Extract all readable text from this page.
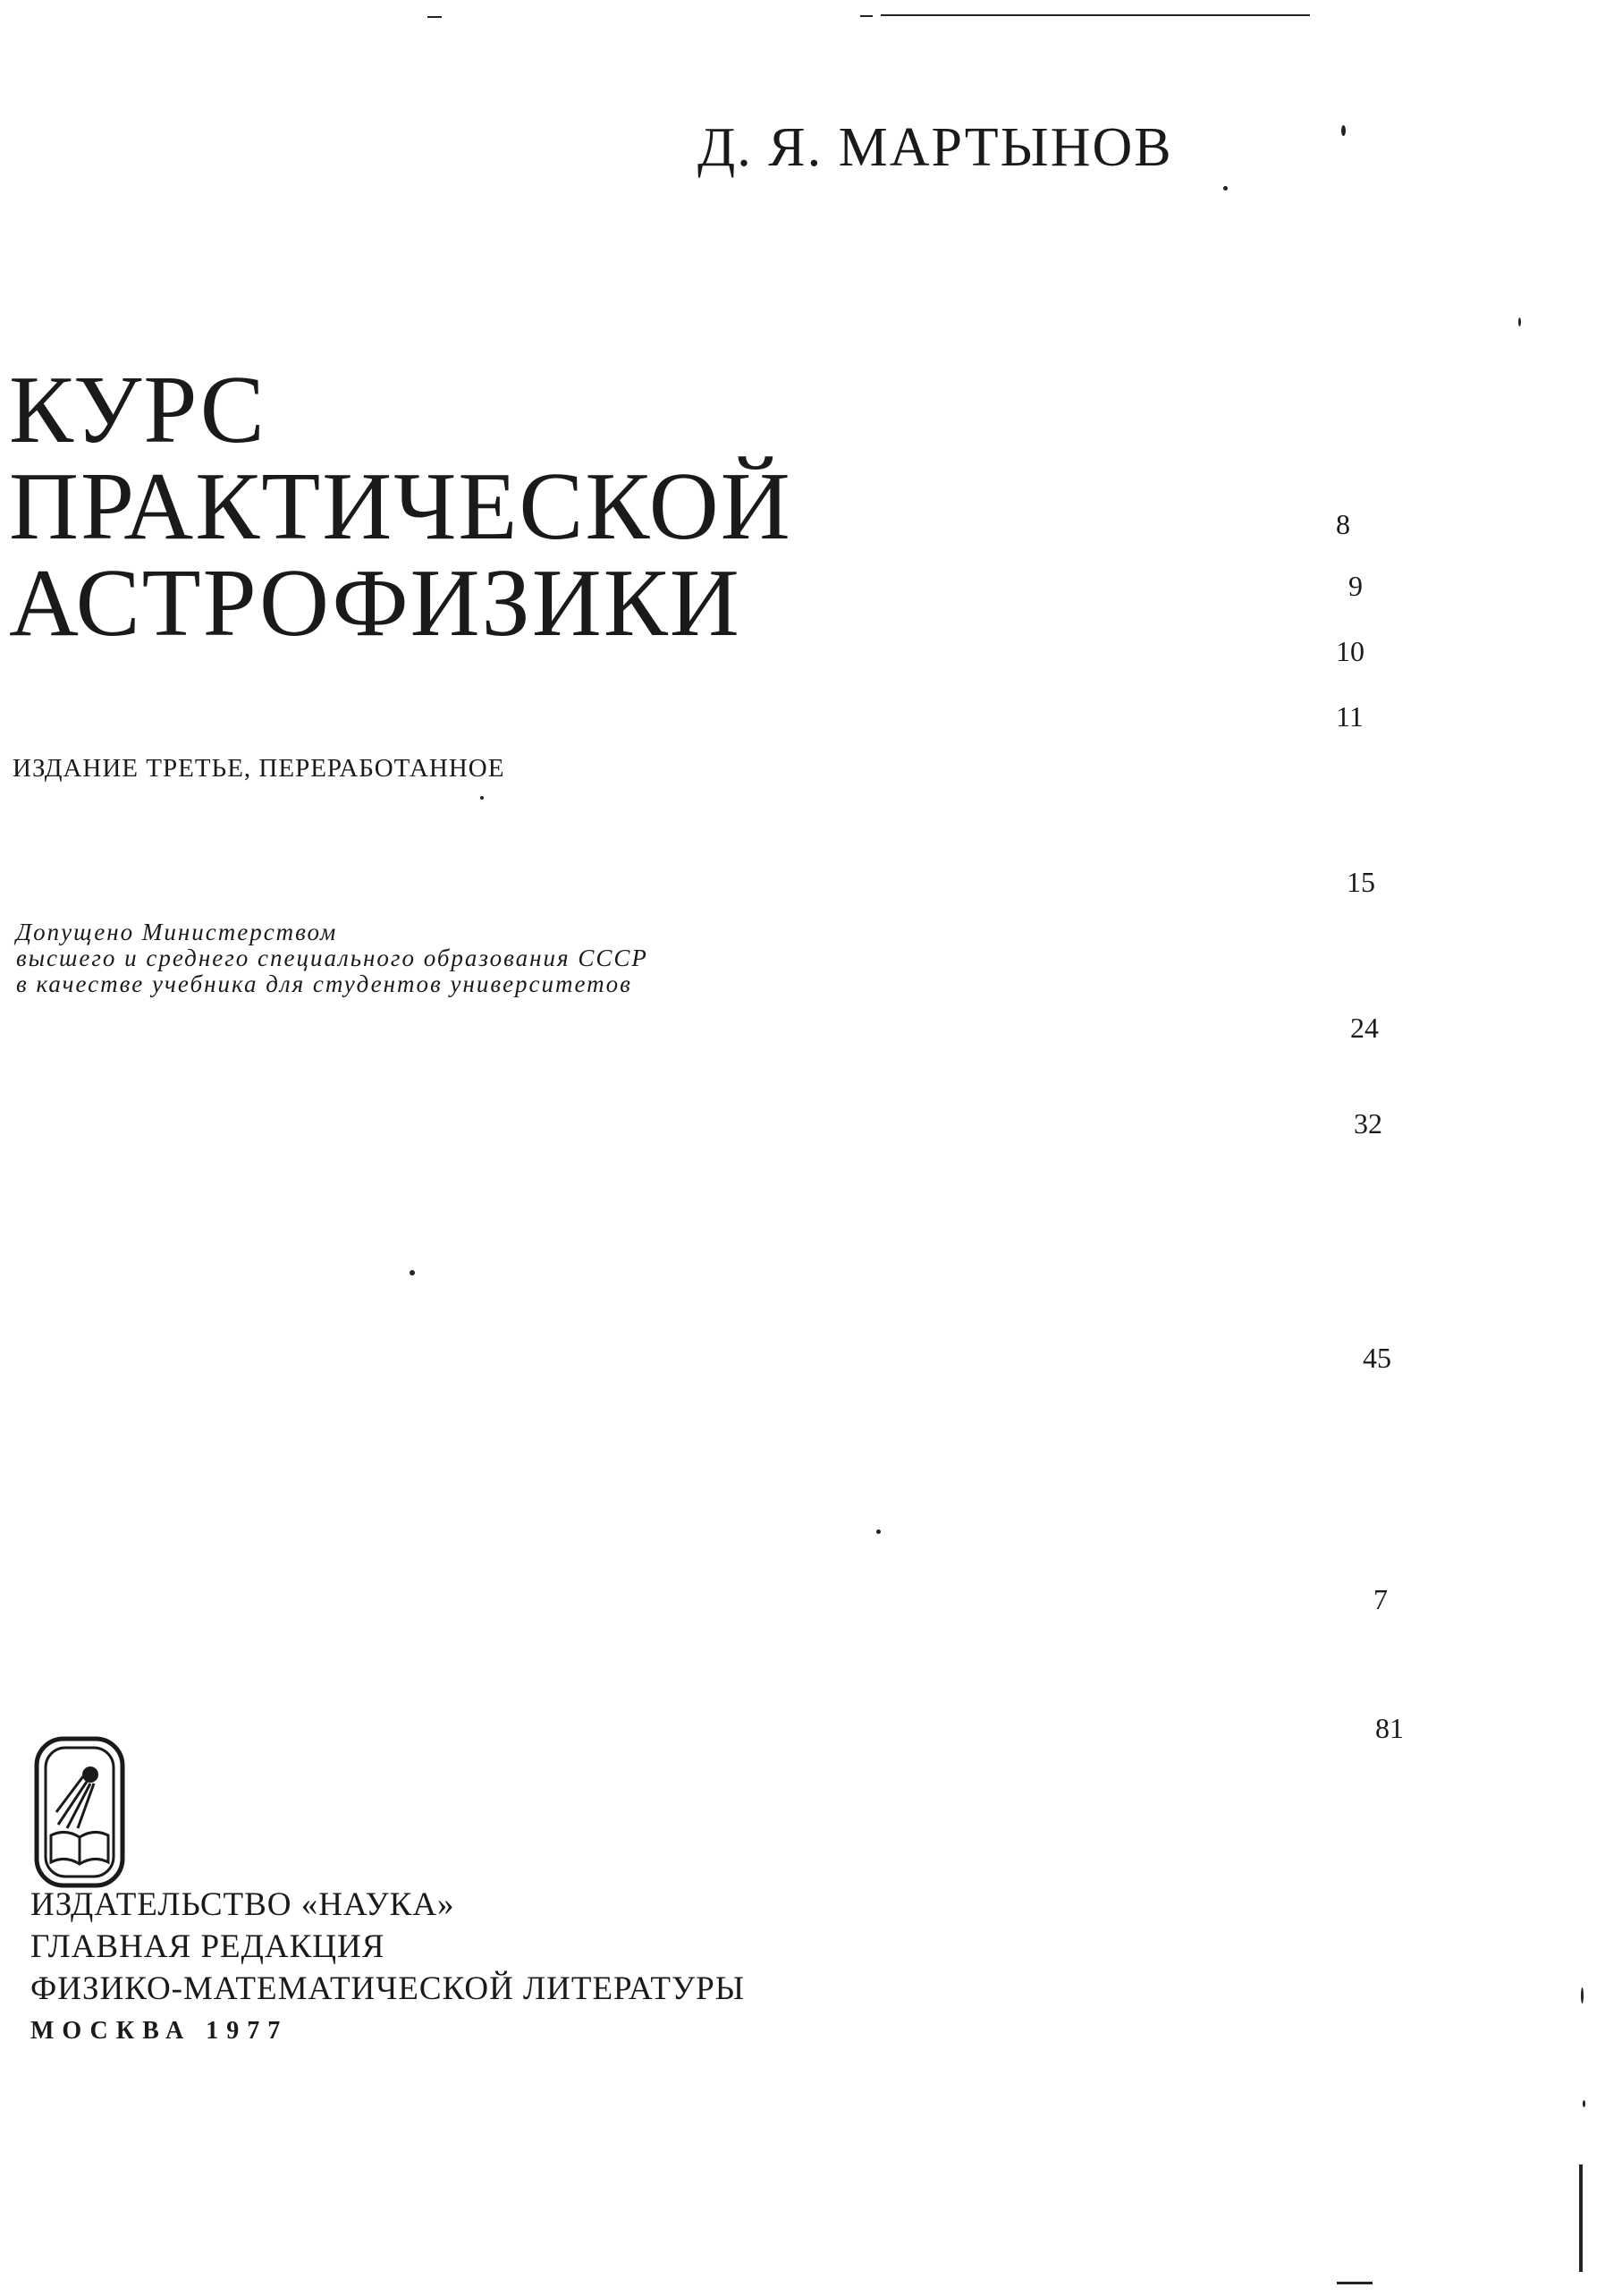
Д. Я. МАРТЫНОВ
КУРС
ПРАКТИЧЕСКОЙ
АСТРОФИЗИКИ
ИЗДАНИЕ ТРЕТЬЕ, ПЕРЕРАБОТАННОЕ
Допущено Министерством
высшего и среднего специального образования СССР
в качестве учебника для студентов университетов
8
9
10
11
15
24
32
45
7
81
ИЗДАТЕЛЬСТВО «НАУКА»
ГЛАВНАЯ РЕДАКЦИЯ
ФИЗИКО-МАТЕМАТИЧЕСКОЙ ЛИТЕРАТУРЫ
МОСКВА 1977
